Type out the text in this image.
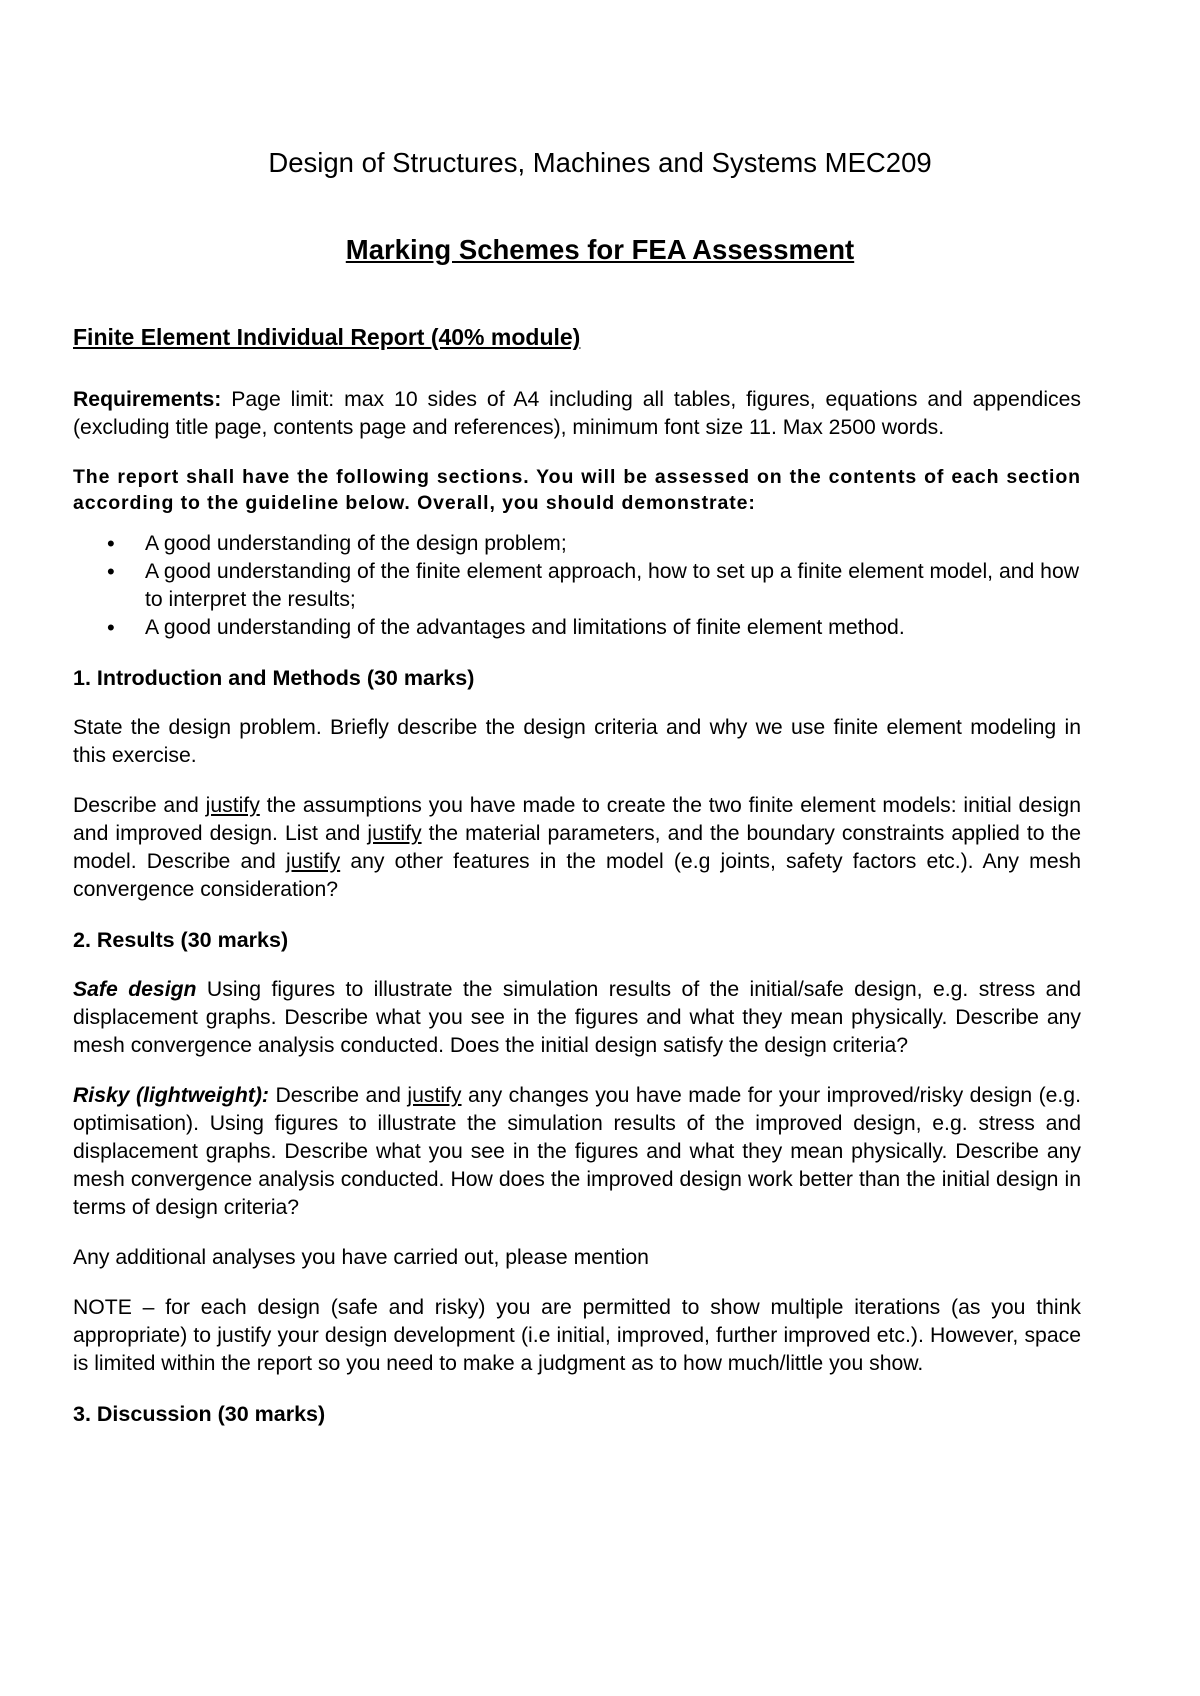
Design of Structures, Machines and Systems MEC209
Marking Schemes for FEA Assessment
Finite Element Individual Report (40% module)

Requirements: Page limit: max 10 sides of A4 including all tables, figures, equations and appendices (excluding title page, contents page and references), minimum font size 11. Max 2500 words.

The report shall have the following sections. You will be assessed on the contents of each section according to the guideline below. Overall, you should demonstrate:

• A good understanding of the design problem;
• A good understanding of the finite element approach, how to set up a finite element model, and how to interpret the results;
• A good understanding of the advantages and limitations of finite element method.
1. Introduction and Methods (30 marks)

State the design problem. Briefly describe the design criteria and why we use finite element modeling in this exercise.

Describe and justify the assumptions you have made to create the two finite element models: initial design and improved design. List and justify the material parameters, and the boundary constraints applied to the model. Describe and justify any other features in the model (e.g joints, safety factors etc.). Any mesh convergence consideration?

2. Results (30 marks)

Safe design Using figures to illustrate the simulation results of the initial/safe design, e.g. stress and displacement graphs. Describe what you see in the figures and what they mean physically. Describe any mesh convergence analysis conducted. Does the initial design satisfy the design criteria?

Risky (lightweight): Describe and justify any changes you have made for your improved/risky design (e.g. optimisation). Using figures to illustrate the simulation results of the improved design, e.g. stress and displacement graphs. Describe what you see in the figures and what they mean physically. Describe any mesh convergence analysis conducted. How does the improved design work better than the initial design in terms of design criteria?

Any additional analyses you have carried out, please mention

NOTE – for each design (safe and risky) you are permitted to show multiple iterations (as you think appropriate) to justify your design development (i.e initial, improved, further improved etc.). However, space is limited within the report so you need to make a judgment as to how much/little you show.

3. Discussion (30 marks)
